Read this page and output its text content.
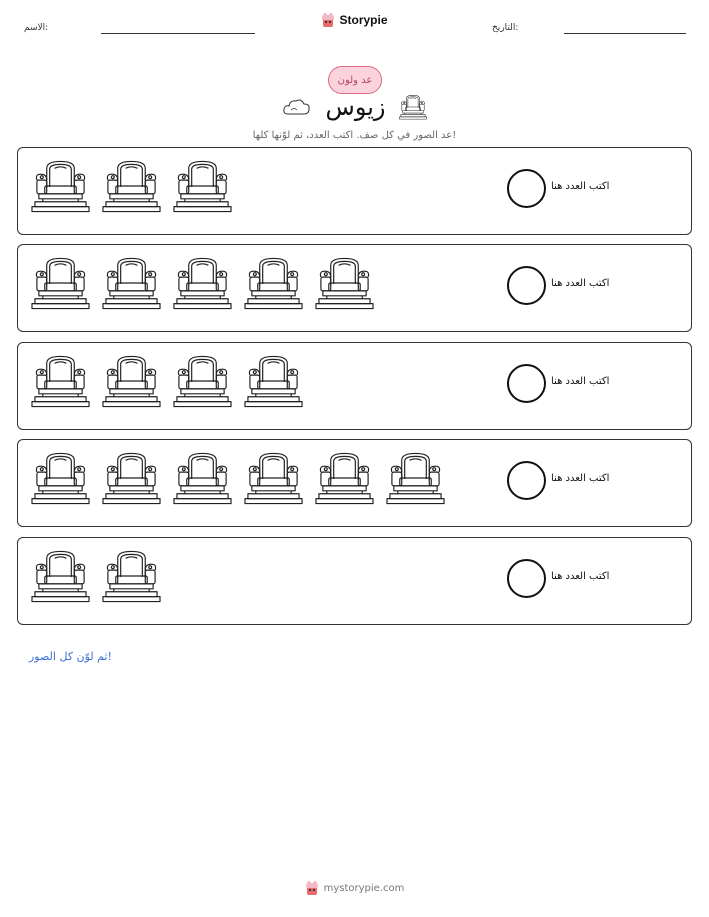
الاسم:
Storypie
التاريخ:
عد ولون
زيوس
عد الصور في كل صف. اكتب العدد، ثم لوّنها كلها!
اكتب العدد هنا
اكتب العدد هنا
اكتب العدد هنا
اكتب العدد هنا
اكتب العدد هنا
ثم لوّن كل الصور!
mystorypie.com
